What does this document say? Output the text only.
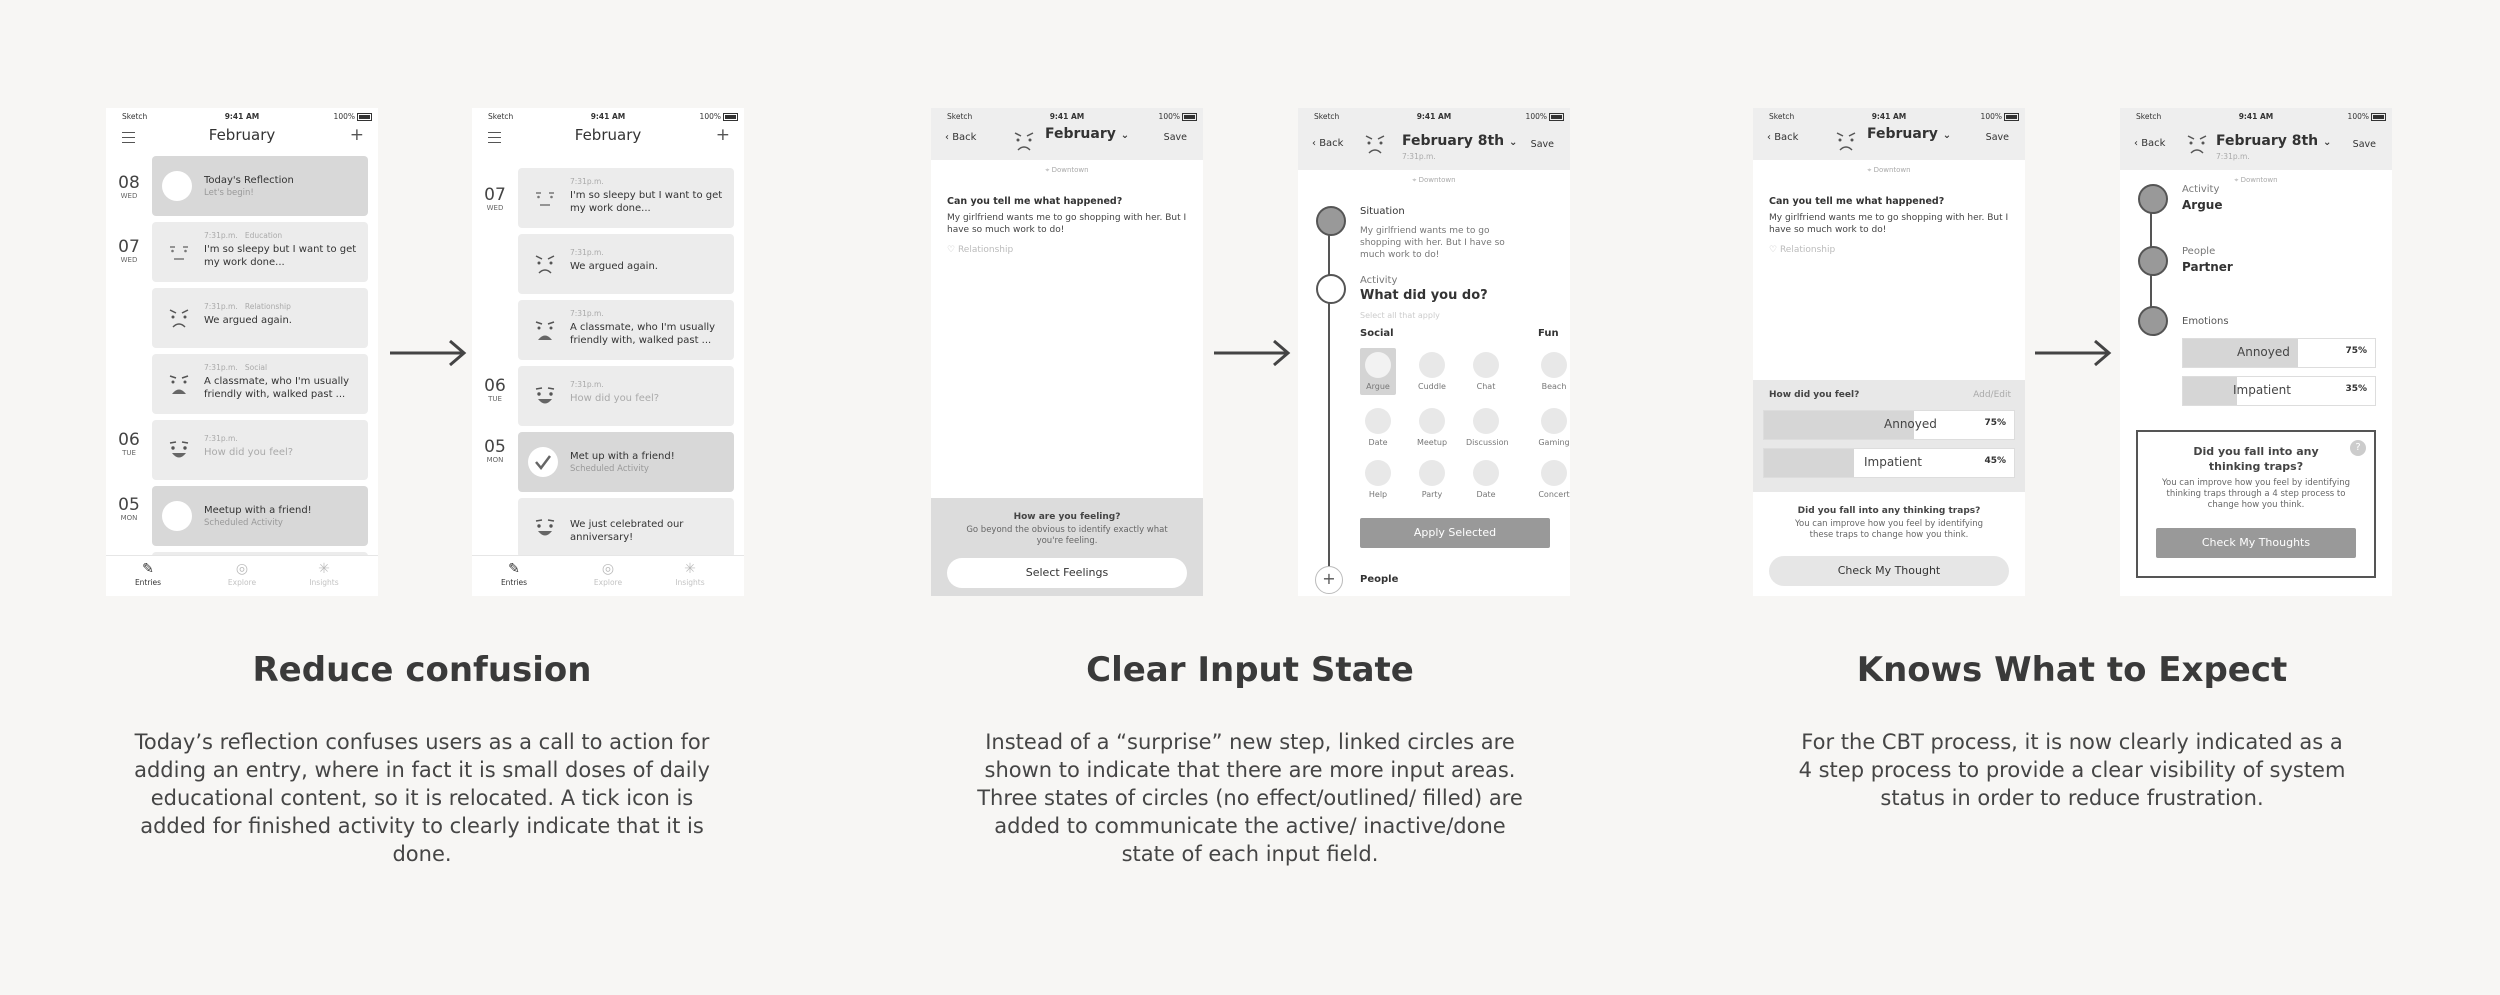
Sketch	9:41 AM	100%
February	+
08
WED
Today's Reflection
Let's begin!
07
WED
7:31p.m. Education
I'm so sleepy but I want to get my work done...
7:31p.m. Relationship
We argued again.
7:31p.m. Social
A classmate, who I'm usually friendly with, walked past ...
06
TUE
7:31p.m.
How did you feel?
05
MON
Meetup with a friend!
Scheduled Activity
✎
Entries
◎
Explore
✳
Insights
Sketch	9:41 AM	100%
February	+
07
WED
7:31p.m.
I'm so sleepy but I want to get my work done...
7:31p.m.
We argued again.
7:31p.m.
A classmate, who I'm usually friendly with, walked past ...
06
TUE
7:31p.m.
How did you feel?
05
MON	Met up with a friend!
Scheduled Activity
We just celebrated our anniversary!
✎
Entries
◎
Explore
✳
Insights
Sketch	9:41 AM	100%
‹ Back	February ⌄	Save
⌖ Downtown
Can you tell me what happened?
My girlfriend wants me to go shopping with her. But I have so much work to do!
♡ Relationship
How are you feeling?
Go beyond the obvious to identify exactly what you're feeling.
Select Feelings
Sketch	9:41 AM	100%
‹ Back	February 8th ⌄
7:31p.m.
Save
⌖ Downtown
Situation
My girlfriend wants me to go shopping with her. But I have so much work to do!
Activity
What did you do?
Select all that apply
Social	Fun
Argue	Cuddle	Chat	Beach
Date	Meetup	Discussion	Gaming
Help	Party	Date	Concert
Apply Selected
+	People
Sketch	9:41 AM	100%
‹ Back	February ⌄	Save
⌖ Downtown
Can you tell me what happened?
My girlfriend wants me to go shopping with her. But I have so much work to do!
♡ Relationship
How did you feel?	Add/Edit
Annoyed	75%
Impatient	45%
Did you fall into any thinking traps?
You can improve how you feel by identifying these traps to change how you think.
Check My Thought
Sketch	9:41 AM	100%
‹ Back	February 8th ⌄
7:31p.m.
Save
⌖ Downtown
Activity
Argue
People
Partner
Emotions
Annoyed	75%
Impatient	35%
?
Did you fall into any thinking traps?
You can improve how you feel by identifying thinking traps through a 4 step process to change how you think.
Check My Thoughts
Reduce confusion
Today’s reflection confuses users as a call to action for adding an entry, where in fact it is small doses of daily educational content, so it is relocated. A tick icon is added for finished activity to clearly indicate that it is done.
Clear Input State
Instead of a “surprise” new step, linked circles are shown to indicate that there are more input areas. Three states of circles (no effect/outlined/ filled) are added to communicate the active/ inactive/done state of each input field.
Knows What to Expect
For the CBT process, it is now clearly indicated as a 4 step process to provide a clear visibility of system status in order to reduce frustration.
